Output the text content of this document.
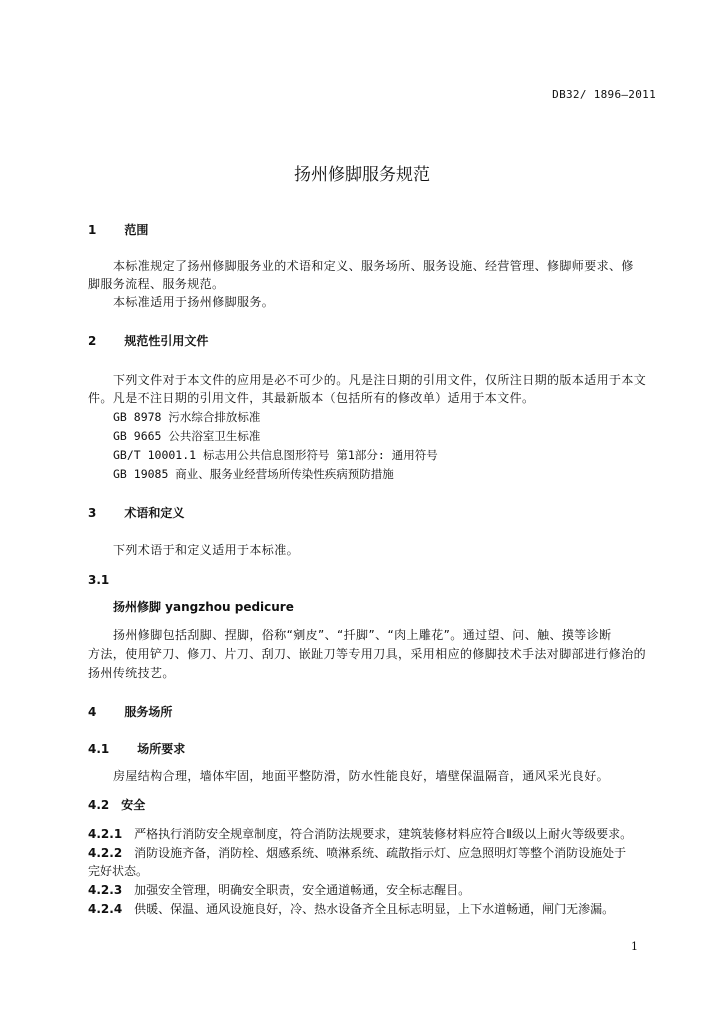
DB32/ 1896—2011
扬州修脚服务规范
1 范围
本标准规定了扬州修脚服务业的术语和定义、服务场所、服务设施、经营管理、修脚师要求、修
脚服务流程、服务规范。
本标准适用于扬州修脚服务。
2 规范性引用文件
下列文件对于本文件的应用是必不可少的。凡是注日期的引用文件，仅所注日期的版本适用于本文
件。凡是不注日期的引用文件，其最新版本（包括所有的修改单）适用于本文件。
GB 8978 污水综合排放标准
GB 9665 公共浴室卫生标准
GB/T 10001.1 标志用公共信息图形符号 第1部分: 通用符号
GB 19085 商业、服务业经营场所传染性疾病预防措施
3 术语和定义
下列术语于和定义适用于本标准。
3.1
扬州修脚 yangzhou pedicure
扬州修脚包括刮脚、捏脚，俗称“剜皮”、“扦脚”、“肉上雕花”。通过望、问、触、摸等诊断
方法，使用铲刀、修刀、片刀、刮刀、嵌趾刀等专用刀具，采用相应的修脚技术手法对脚部进行修治的
扬州传统技艺。
4 服务场所
4.1 场所要求
房屋结构合理，墙体牢固，地面平整防滑，防水性能良好，墙壁保温隔音，通风采光良好。
4.2 安全
4.2.1 严格执行消防安全规章制度，符合消防法规要求，建筑装修材料应符合Ⅱ级以上耐火等级要求。
4.2.2 消防设施齐备，消防栓、烟感系统、喷淋系统、疏散指示灯、应急照明灯等整个消防设施处于
完好状态。
4.2.3 加强安全管理，明确安全职责，安全通道畅通，安全标志醒目。
4.2.4 供暖、保温、通风设施良好，冷、热水设备齐全且标志明显，上下水道畅通，闸门无渗漏。
1
